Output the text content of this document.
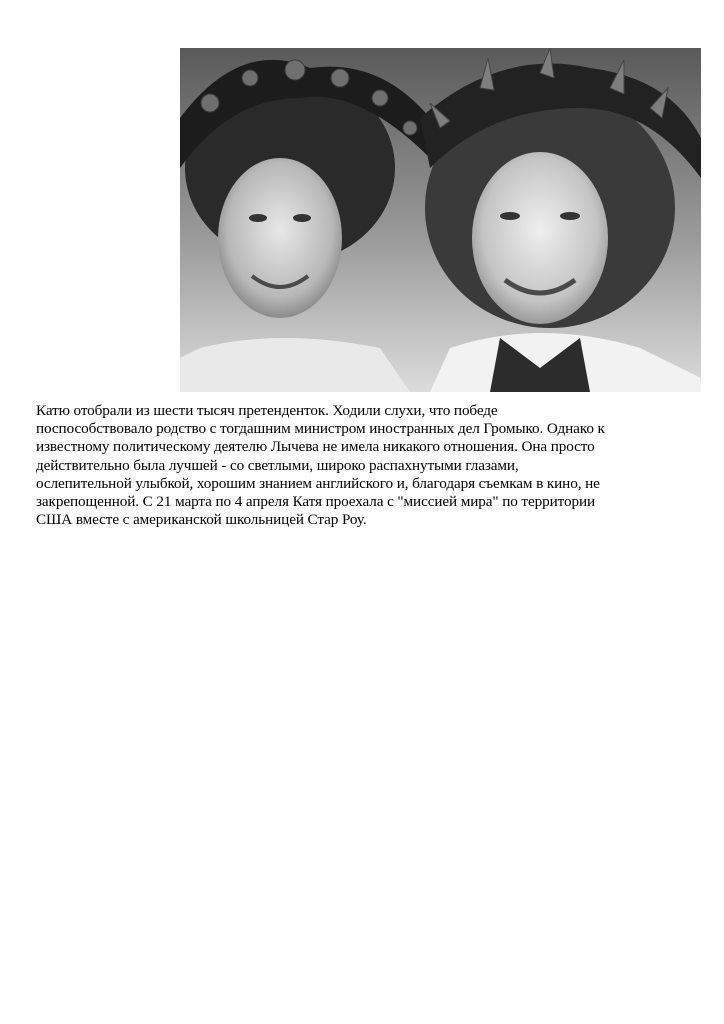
Катю отобрали из шести тысяч претенденток. Ходили слухи, что победе
поспособствовало родство с тогдашним министром иностранных дел Громыко. Однако к
известному политическому деятелю Лычева не имела никакого отношения. Она просто
действительно была лучшей - со светлыми, широко распахнутыми глазами,
ослепительной улыбкой, хорошим знанием английского и, благодаря съемкам в кино, не
закрепощенной. С 21 марта по 4 апреля Катя проехала с "миссией мира" по территории
США вместе с американской школьницей Стар Роу.
